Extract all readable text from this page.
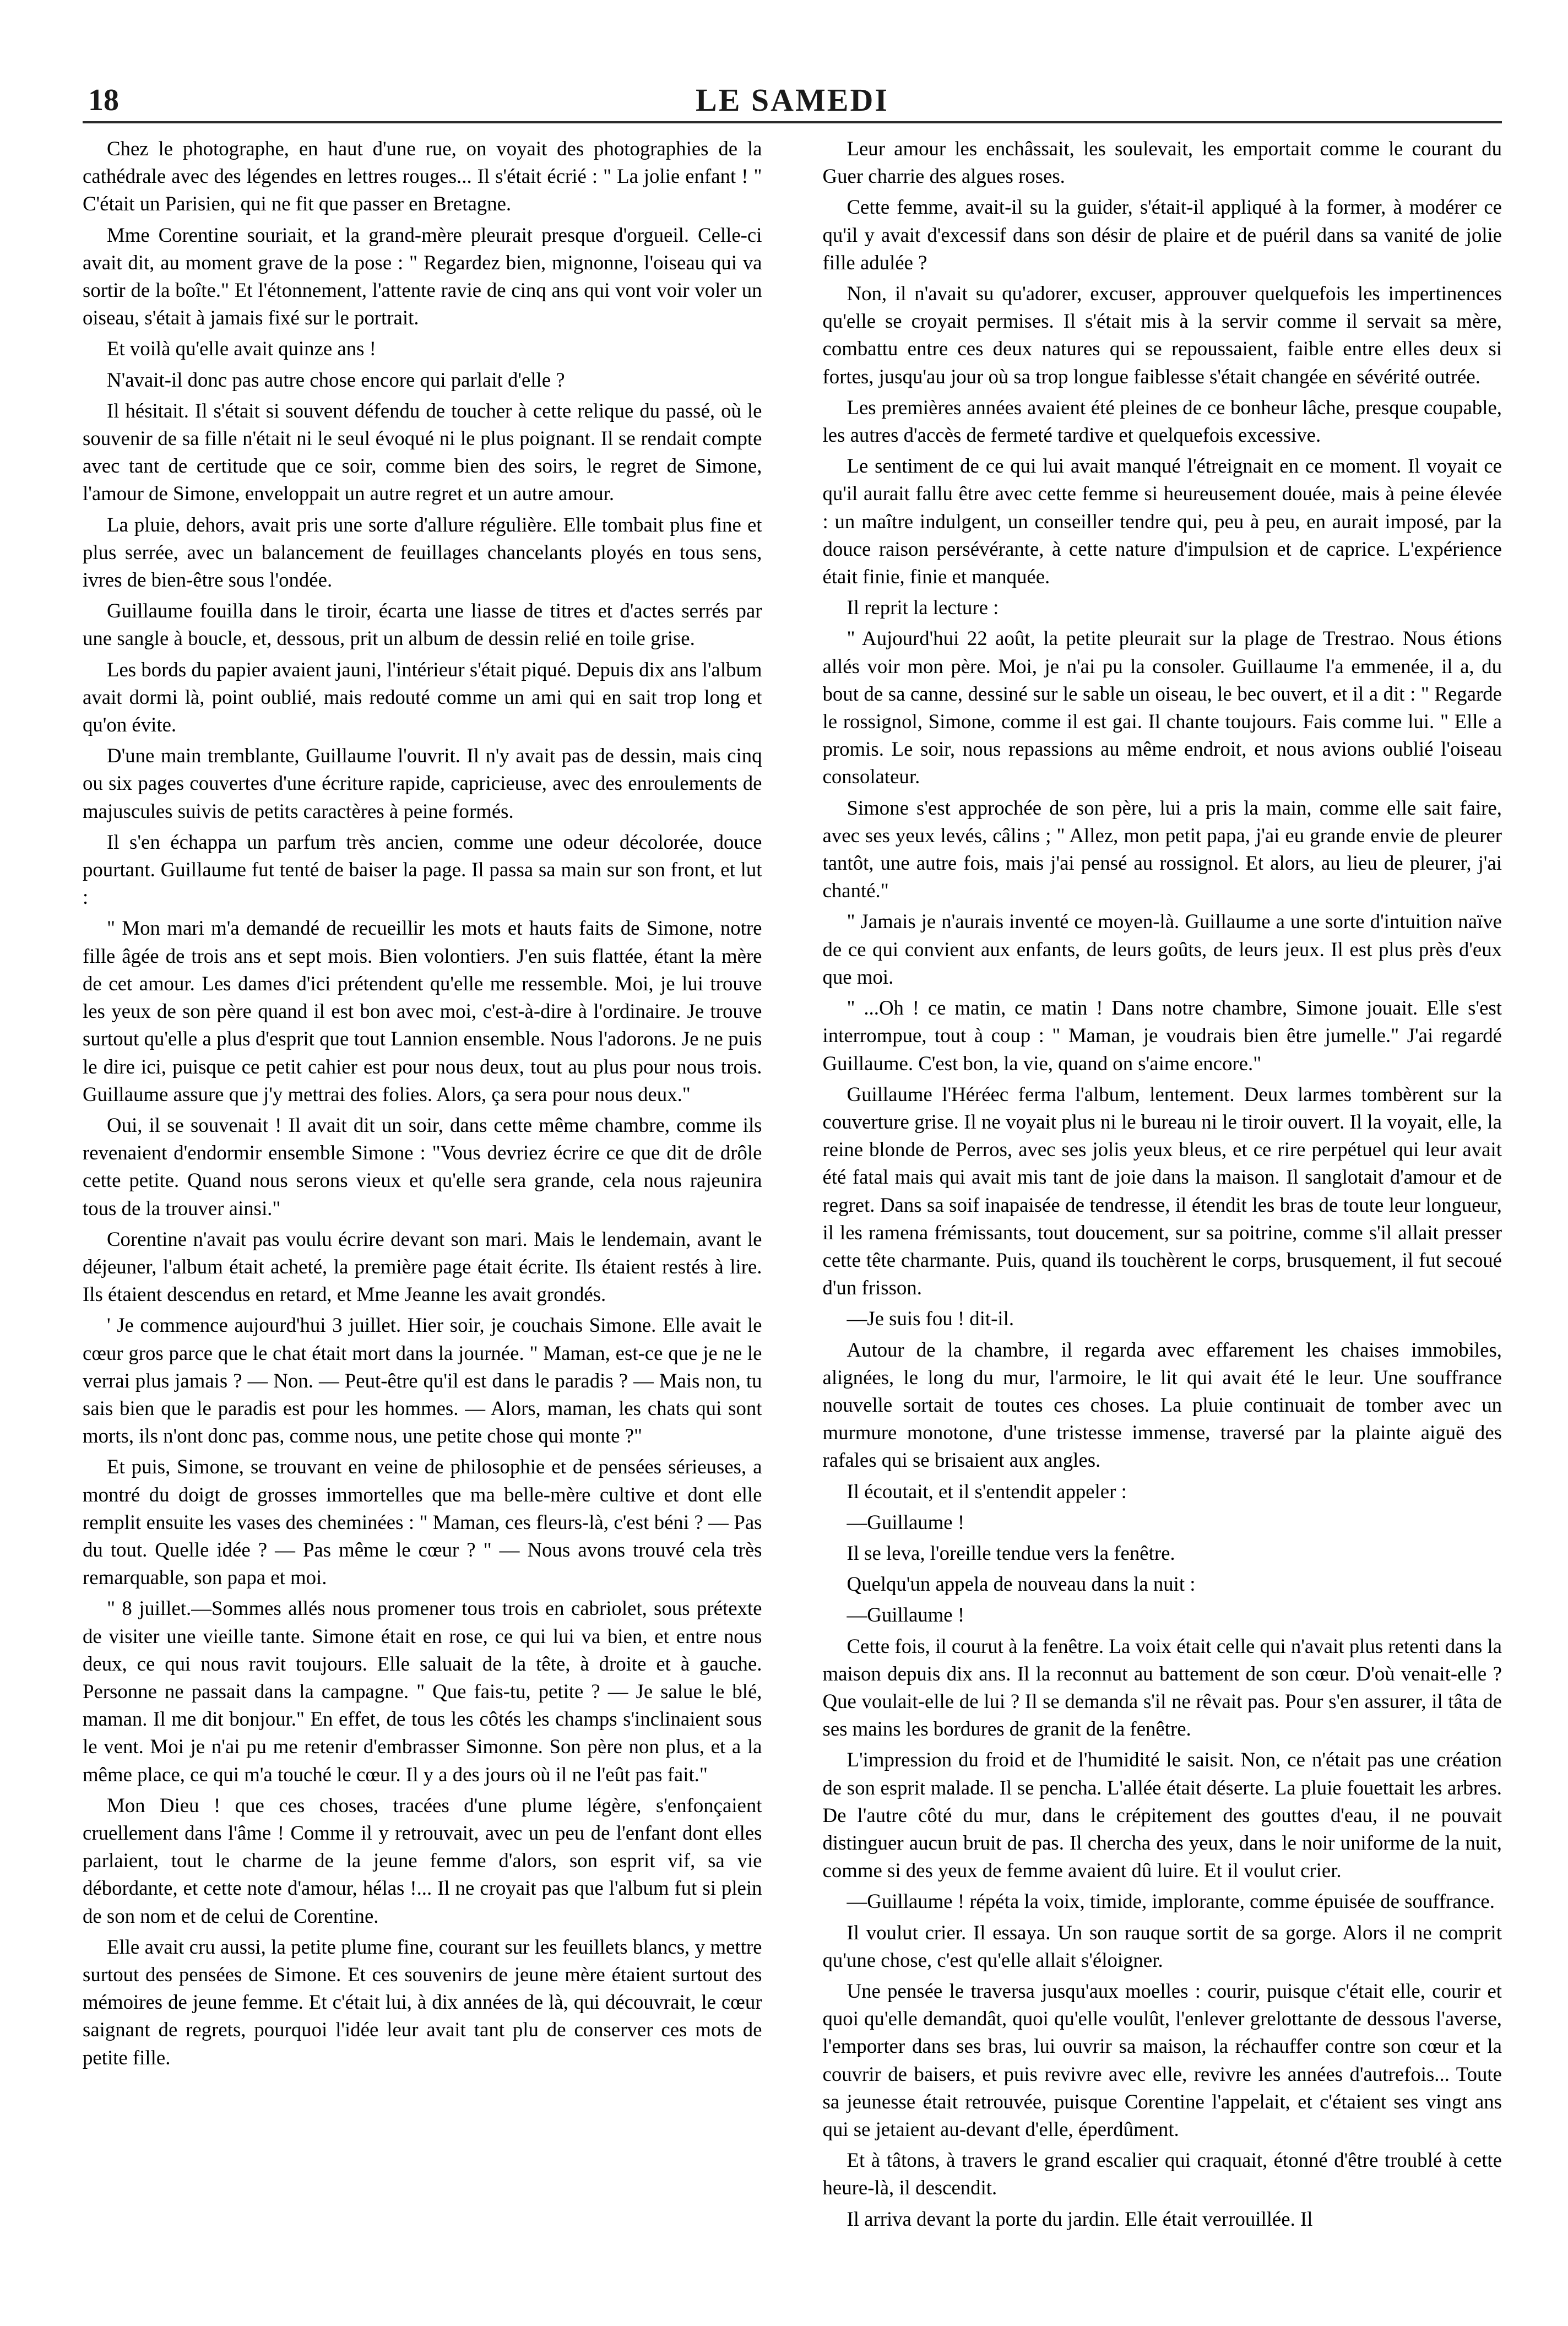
18	LE SAMEDI

Chez le photographe, en haut d'une rue, on voyait des photographies de la cathédrale avec des légendes en lettres rouges... Il s'était écrié : " La jolie enfant ! " C'était un Parisien, qui ne fit que passer en Bretagne.

Mme Corentine souriait, et la grand-mère pleurait presque d'orgueil. Celle-ci avait dit, au moment grave de la pose : " Regardez bien, mignonne, l'oiseau qui va sortir de la boîte." Et l'étonnement, l'attente ravie de cinq ans qui vont voir voler un oiseau, s'était à jamais fixé sur le portrait.

Et voilà qu'elle avait quinze ans !

N'avait-il donc pas autre chose encore qui parlait d'elle ?

Il hésitait. Il s'était si souvent défendu de toucher à cette relique du passé, où le souvenir de sa fille n'était ni le seul évoqué ni le plus poignant. Il se rendait compte avec tant de certitude que ce soir, comme bien des soirs, le regret de Simone, l'amour de Simone, enveloppait un autre regret et un autre amour.

La pluie, dehors, avait pris une sorte d'allure régulière. Elle tombait plus fine et plus serrée, avec un balancement de feuillages chancelants ployés en tous sens, ivres de bien-être sous l'ondée.

Guillaume fouilla dans le tiroir, écarta une liasse de titres et d'actes serrés par une sangle à boucle, et, dessous, prit un album de dessin relié en toile grise.

Les bords du papier avaient jauni, l'intérieur s'était piqué. Depuis dix ans l'album avait dormi là, point oublié, mais redouté comme un ami qui en sait trop long et qu'on évite.

D'une main tremblante, Guillaume l'ouvrit. Il n'y avait pas de dessin, mais cinq ou six pages couvertes d'une écriture rapide, capricieuse, avec des enroulements de majuscules suivis de petits caractères à peine formés.

Il s'en échappa un parfum très ancien, comme une odeur décolorée, douce pourtant. Guillaume fut tenté de baiser la page. Il passa sa main sur son front, et lut :

" Mon mari m'a demandé de recueillir les mots et hauts faits de Simone, notre fille âgée de trois ans et sept mois. Bien volontiers. J'en suis flattée, étant la mère de cet amour. Les dames d'ici prétendent qu'elle me ressemble. Moi, je lui trouve les yeux de son père quand il est bon avec moi, c'est-à-dire à l'ordinaire. Je trouve surtout qu'elle a plus d'esprit que tout Lannion ensemble. Nous l'adorons. Je ne puis le dire ici, puisque ce petit cahier est pour nous deux, tout au plus pour nous trois. Guillaume assure que j'y mettrai des folies. Alors, ça sera pour nous deux."

Oui, il se souvenait ! Il avait dit un soir, dans cette même chambre, comme ils revenaient d'endormir ensemble Simone : "Vous devriez écrire ce que dit de drôle cette petite. Quand nous serons vieux et qu'elle sera grande, cela nous rajeunira tous de la trouver ainsi."

Corentine n'avait pas voulu écrire devant son mari. Mais le lendemain, avant le déjeuner, l'album était acheté, la première page était écrite. Ils étaient restés à lire. Ils étaient descendus en retard, et Mme Jeanne les avait grondés.

' Je commence aujourd'hui 3 juillet. Hier soir, je couchais Simone. Elle avait le cœur gros parce que le chat était mort dans la journée. " Maman, est-ce que je ne le verrai plus jamais ? — Non. — Peut-être qu'il est dans le paradis ? — Mais non, tu sais bien que le paradis est pour les hommes. — Alors, maman, les chats qui sont morts, ils n'ont donc pas, comme nous, une petite chose qui monte ?"

Et puis, Simone, se trouvant en veine de philosophie et de pensées sérieuses, a montré du doigt de grosses immortelles que ma belle-mère cultive et dont elle remplit ensuite les vases des cheminées : " Maman, ces fleurs-là, c'est béni ? — Pas du tout. Quelle idée ? — Pas même le cœur ? " — Nous avons trouvé cela très remarquable, son papa et moi.

" 8 juillet.—Sommes allés nous promener tous trois en cabriolet, sous prétexte de visiter une vieille tante. Simone était en rose, ce qui lui va bien, et entre nous deux, ce qui nous ravit toujours. Elle saluait de la tête, à droite et à gauche. Personne ne passait dans la campagne. " Que fais-tu, petite ? — Je salue le blé, maman. Il me dit bonjour." En effet, de tous les côtés les champs s'inclinaient sous le vent. Moi je n'ai pu me retenir d'embrasser Simonne. Son père non plus, et a la même place, ce qui m'a touché le cœur. Il y a des jours où il ne l'eût pas fait."

Mon Dieu ! que ces choses, tracées d'une plume légère, s'enfonçaient cruellement dans l'âme ! Comme il y retrouvait, avec un peu de l'enfant dont elles parlaient, tout le charme de la jeune femme d'alors, son esprit vif, sa vie débordante, et cette note d'amour, hélas !... Il ne croyait pas que l'album fut si plein de son nom et de celui de Corentine.

Elle avait cru aussi, la petite plume fine, courant sur les feuillets blancs, y mettre surtout des pensées de Simone. Et ces souvenirs de jeune mère étaient surtout des mémoires de jeune femme. Et c'était lui, à dix années de là, qui découvrait, le cœur saignant de regrets, pourquoi l'idée leur avait tant plu de conserver ces mots de petite fille.

Leur amour les enchâssait, les soulevait, les emportait comme le courant du Guer charrie des algues roses.

Cette femme, avait-il su la guider, s'était-il appliqué à la former, à modérer ce qu'il y avait d'excessif dans son désir de plaire et de puéril dans sa vanité de jolie fille adulée ?

Non, il n'avait su qu'adorer, excuser, approuver quelquefois les impertinences qu'elle se croyait permises. Il s'était mis à la servir comme il servait sa mère, combattu entre ces deux natures qui se repoussaient, faible entre elles deux si fortes, jusqu'au jour où sa trop longue faiblesse s'était changée en sévérité outrée.

Les premières années avaient été pleines de ce bonheur lâche, presque coupable, les autres d'accès de fermeté tardive et quelquefois excessive.

Le sentiment de ce qui lui avait manqué l'étreignait en ce moment. Il voyait ce qu'il aurait fallu être avec cette femme si heureusement douée, mais à peine élevée : un maître indulgent, un conseiller tendre qui, peu à peu, en aurait imposé, par la douce raison persévérante, à cette nature d'impulsion et de caprice. L'expérience était finie, finie et manquée.

Il reprit la lecture :

" Aujourd'hui 22 août, la petite pleurait sur la plage de Trestrao. Nous étions allés voir mon père. Moi, je n'ai pu la consoler. Guillaume l'a emmenée, il a, du bout de sa canne, dessiné sur le sable un oiseau, le bec ouvert, et il a dit : " Regarde le rossignol, Simone, comme il est gai. Il chante toujours. Fais comme lui. " Elle a promis. Le soir, nous repassions au même endroit, et nous avions oublié l'oiseau consolateur.

Simone s'est approchée de son père, lui a pris la main, comme elle sait faire, avec ses yeux levés, câlins ; " Allez, mon petit papa, j'ai eu grande envie de pleurer tantôt, une autre fois, mais j'ai pensé au rossignol. Et alors, au lieu de pleurer, j'ai chanté."

" Jamais je n'aurais inventé ce moyen-là. Guillaume a une sorte d'intuition naïve de ce qui convient aux enfants, de leurs goûts, de leurs jeux. Il est plus près d'eux que moi.

" ...Oh ! ce matin, ce matin ! Dans notre chambre, Simone jouait. Elle s'est interrompue, tout à coup : " Maman, je voudrais bien être jumelle." J'ai regardé Guillaume. C'est bon, la vie, quand on s'aime encore."

Guillaume l'Héréec ferma l'album, lentement. Deux larmes tombèrent sur la couverture grise. Il ne voyait plus ni le bureau ni le tiroir ouvert. Il la voyait, elle, la reine blonde de Perros, avec ses jolis yeux bleus, et ce rire perpétuel qui leur avait été fatal mais qui avait mis tant de joie dans la maison. Il sanglotait d'amour et de regret. Dans sa soif inapaisée de tendresse, il étendit les bras de toute leur longueur, il les ramena frémissants, tout doucement, sur sa poitrine, comme s'il allait presser cette tête charmante. Puis, quand ils touchèrent le corps, brusquement, il fut secoué d'un frisson.

—Je suis fou ! dit-il.

Autour de la chambre, il regarda avec effarement les chaises immobiles, alignées, le long du mur, l'armoire, le lit qui avait été le leur. Une souffrance nouvelle sortait de toutes ces choses. La pluie continuait de tomber avec un murmure monotone, d'une tristesse immense, traversé par la plainte aiguë des rafales qui se brisaient aux angles.

Il écoutait, et il s'entendit appeler :

—Guillaume !

Il se leva, l'oreille tendue vers la fenêtre.

Quelqu'un appela de nouveau dans la nuit :

—Guillaume !

Cette fois, il courut à la fenêtre. La voix était celle qui n'avait plus retenti dans la maison depuis dix ans. Il la reconnut au battement de son cœur. D'où venait-elle ? Que voulait-elle de lui ? Il se demanda s'il ne rêvait pas. Pour s'en assurer, il tâta de ses mains les bordures de granit de la fenêtre.

L'impression du froid et de l'humidité le saisit. Non, ce n'était pas une création de son esprit malade. Il se pencha. L'allée était déserte. La pluie fouettait les arbres. De l'autre côté du mur, dans le crépitement des gouttes d'eau, il ne pouvait distinguer aucun bruit de pas. Il chercha des yeux, dans le noir uniforme de la nuit, comme si des yeux de femme avaient dû luire. Et il voulut crier.

—Guillaume ! répéta la voix, timide, implorante, comme épuisée de souffrance.

Il voulut crier. Il essaya. Un son rauque sortit de sa gorge. Alors il ne comprit qu'une chose, c'est qu'elle allait s'éloigner.

Une pensée le traversa jusqu'aux moelles : courir, puisque c'était elle, courir et quoi qu'elle demandât, quoi qu'elle voulût, l'enlever grelottante de dessous l'averse, l'emporter dans ses bras, lui ouvrir sa maison, la réchauffer contre son cœur et la couvrir de baisers, et puis revivre avec elle, revivre les années d'autrefois... Toute sa jeunesse était retrouvée, puisque Corentine l'appelait, et c'étaient ses vingt ans qui se jetaient au-devant d'elle, éperdûment.

Et à tâtons, à travers le grand escalier qui craquait, étonné d'être troublé à cette heure-là, il descendit.

Il arriva devant la porte du jardin. Elle était verrouillée. Il
